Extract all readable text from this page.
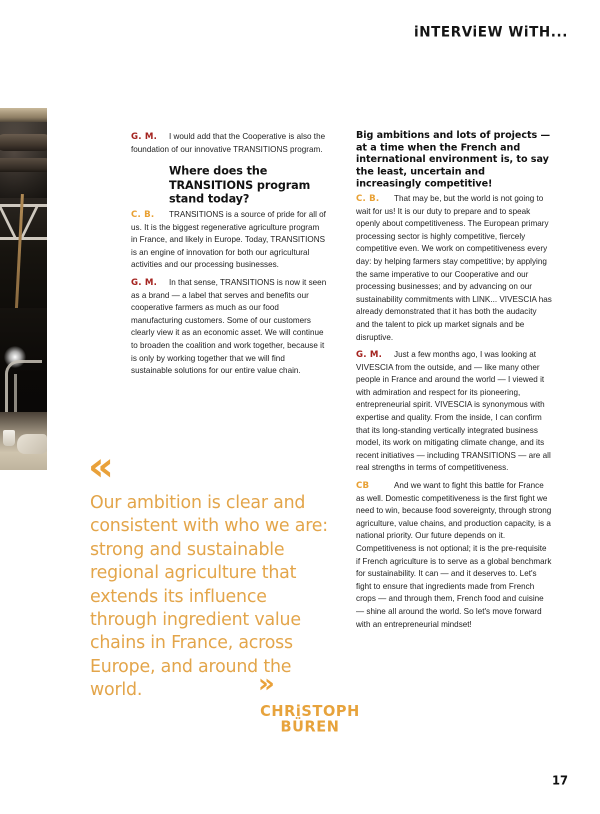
iNTERViEW WiTH...
G. M.	I would add that the Cooperative is also the foundation of our innovative TRANSITIONS program.

Where does the TRANSITIONS program stand today?
C. B.	TRANSITIONS is a source of pride for all of us. It is the biggest regenerative agriculture program in France, and likely in Europe. Today, TRANSITIONS is an engine of innovation for both our agricultural activities and our processing businesses.

G. M.	In that sense, TRANSITIONS is now it seen as a brand — a label that serves and benefits our cooperative farmers as much as our food manufacturing customers. Some of our customers clearly view it as an economic asset. We will continue to broaden the coalition and work together, because it is only by working together that we will find sustainable solutions for our entire value chain.

Big ambitions and lots of projects — at a time when the French and international environment is, to say the least, uncertain and increasingly competitive!
C. B.	That may be, but the world is not going to wait for us! It is our duty to prepare and to speak openly about competitiveness. The European primary processing sector is highly competitive, fiercely competitive even. We work on competitiveness every day: by helping farmers stay competitive; by applying the same imperative to our Cooperative and our processing businesses; and by advancing on our sustainability commitments with LINK... VIVESCIA has already demonstrated that it has both the audacity and the talent to pick up market signals and be disruptive.

G. M.	Just a few months ago, I was looking at VIVESCIA from the outside, and — like many other people in France and around the world — I viewed it with admiration and respect for its pioneering, entrepreneurial spirit. VIVESCIA is synonymous with expertise and quality. From the inside, I can confirm that its long-standing vertically integrated business model, its work on mitigating climate change, and its recent initiatives — including TRANSITIONS — are all real strengths in terms of competitiveness.

CB	And we want to fight this battle for France as well. Domestic competitiveness is the first fight we need to win, because food sovereignty, through strong agriculture, value chains, and production capacity, is a national priority. Our future depends on it. Competitiveness is not optional; it is the pre-requisite if French agriculture is to serve as a global benchmark for sustainability. It can — and it deserves to. Let's fight to ensure that ingredients made from French crops — and through them, French food and cuisine — shine all around the world. So let's move forward with an entrepreneurial mindset!

«
Our ambition is clear and consistent with who we are: strong and sustainable regional agriculture that extends its influence through ingredient value chains in France, across Europe, and around the world.	»
CHRiSTOPH BÜREN
17
